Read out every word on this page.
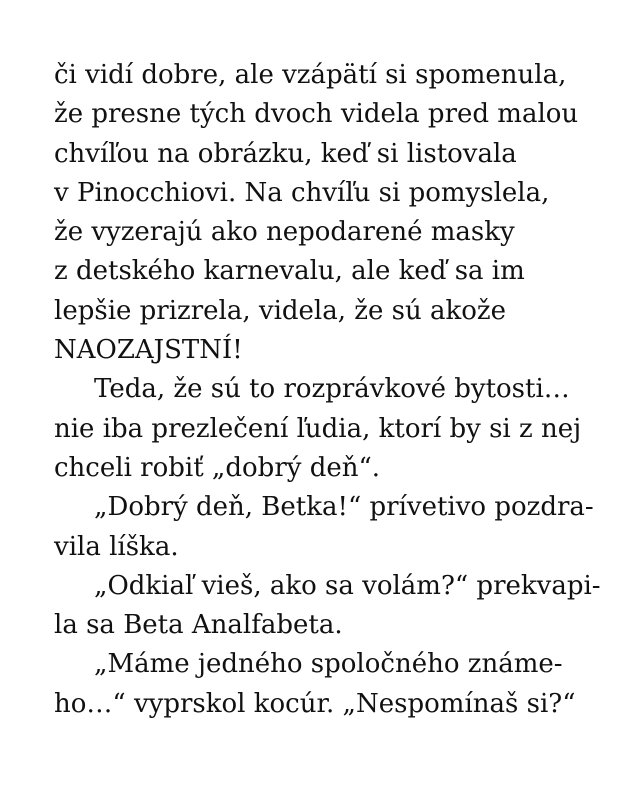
či vidí dobre, ale vzápätí si spomenula,
že presne tých dvoch videla pred malou
chvíľou na obrázku, keď si listovala
v Pinocchiovi. Na chvíľu si pomyslela,
že vyzerajú ako nepodarené masky
z detského karnevalu, ale keď sa im
lepšie prizrela, videla, že sú akože
NAOZAJSTNÍ!
Teda, že sú to rozprávkové bytosti…
nie iba prezlečení ľudia, ktorí by si z nej
chceli robiť „dobrý deň“.
„Dobrý deň, Betka!“ prívetivo pozdra-
vila líška.
„Odkiaľ vieš, ako sa volám?“ prekvapi-
la sa Beta Analfabeta.
„Máme jedného spoločného známe-
ho…“ vyprskol kocúr. „Nespomínaš si?“
